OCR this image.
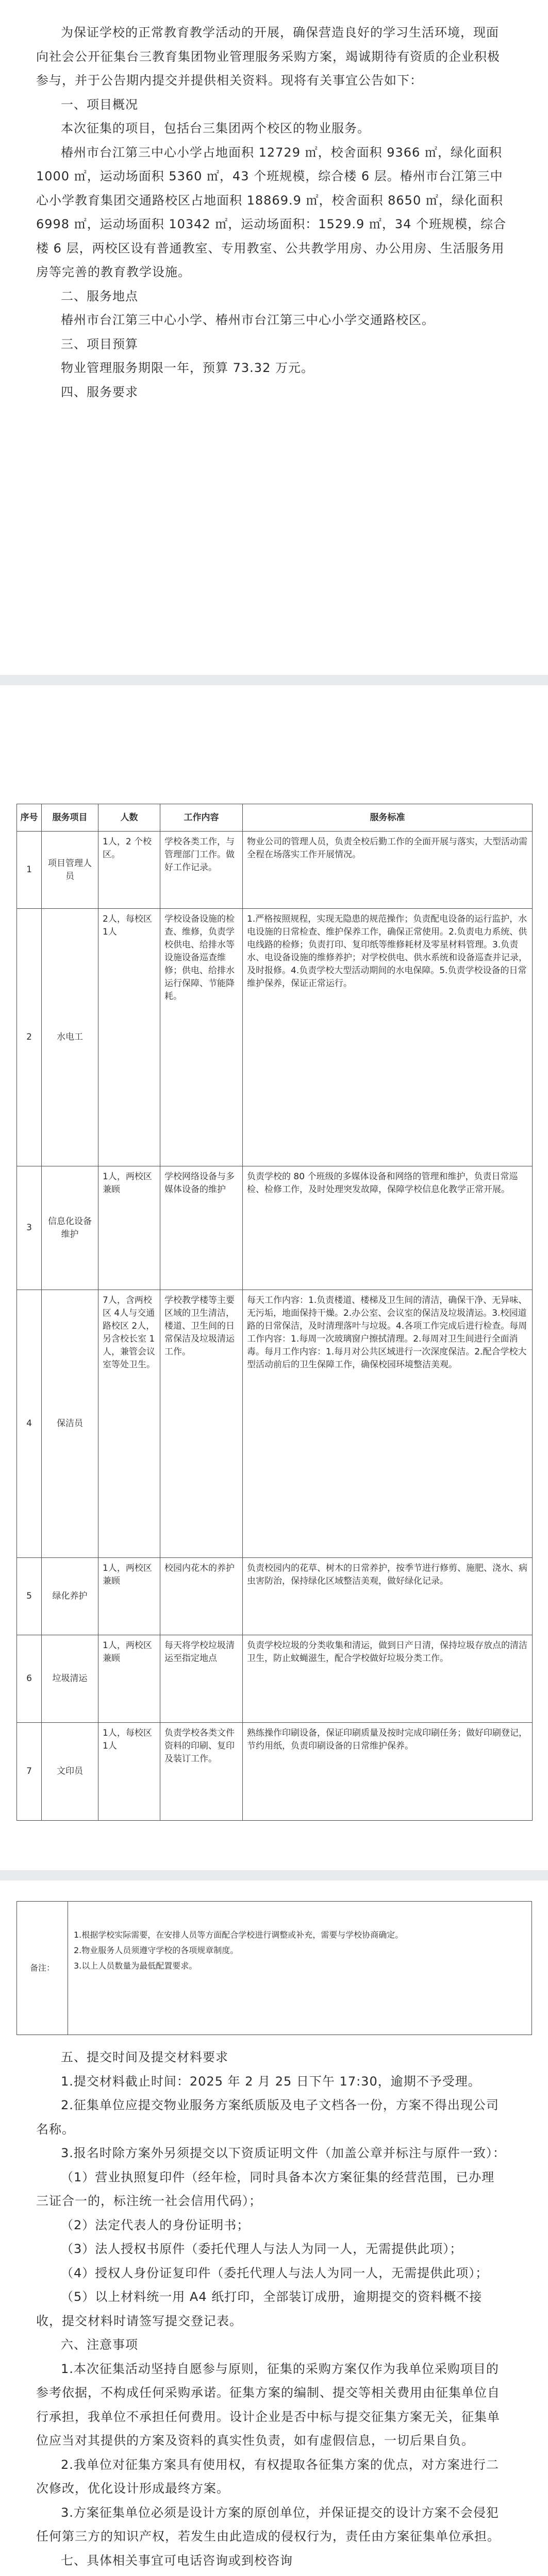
为保证学校的正常教育教学活动的开展，确保营造良好的学习生活环境，现面向社会公开征集台三教育集团物业管理服务采购方案，竭诚期待有资质的企业积极参与，并于公告期内提交并提供相关资料。现将有关事宜公告如下：

一、项目概况

本次征集的项目，包括台三集团两个校区的物业服务。

椿州市台江第三中心小学占地面积 12729 ㎡，校舍面积 9366 ㎡，绿化面积 1000 ㎡，运动场面积 5360 ㎡，43 个班规模，综合楼 6 层。椿州市台江第三中心小学教育集团交通路校区占地面积 18869.9 ㎡，校舍面积 8650 ㎡，绿化面积 6998 ㎡，运动场面积 10342 ㎡，运动场面积：1529.9 ㎡，34 个班规模，综合楼 6 层，两校区设有普通教室、专用教室、公共教学用房、办公用房、生活服务用房等完善的教育教学设施。

二、服务地点

椿州市台江第三中心小学、椿州市台江第三中心小学交通路校区。

三、项目预算

物业管理服务期限一年，预算 73.32 万元。

四、服务要求

序号	服务项目	人数	工作内容	服务标准
1	项目管理人员	1人，2 个校区。	学校各类工作，与管理部门工作。做好工作记录。	物业公司的管理人员，负责全校后勤工作的全面开展与落实，大型活动需全程在场落实工作开展情况。
2	水电工	2人，每校区 1人	学校设备设施的检查、维修，负责学校供电、给排水等设施设备巡查维修；供电、给排水运行保障、节能降耗。	1.严格按照规程，实现无隐患的规范操作；负责配电设备的运行监护，水电设施的日常检查、维护保养工作，确保正常使用。2.负责电力系统、供电线路的检修；负责打印、复印纸等维修耗材及零星材料管理。3.负责水、电设备设施的维修养护；对学校供电、供水系统和设备巡查并记录，及时报修。4.负责学校大型活动期间的水电保障。5.负责学校设备的日常维护保养，保证正常运行。
3	信息化设备维护	1人，两校区兼顾	学校网络设备与多媒体设备的维护	负责学校的 80 个班级的多媒体设备和网络的管理和维护，负责日常巡检、检修工作，及时处理突发故障，保障学校信息化教学正常开展。
4	保洁员	7人，含两校区 4人与交通路校区 2人，另含校长室 1人，兼管会议室等处卫生。	学校教学楼等主要区域的卫生清洁，楼道、卫生间的日常保洁及垃圾清运工作。	每天工作内容：1.负责楼道、楼梯及卫生间的清洁，确保干净、无异味、无污垢，地面保持干燥。2.办公室、会议室的保洁及垃圾清运。3.校园道路的日常保洁，及时清理落叶与垃圾。4.各项工作完成后进行检查。每周工作内容：1.每周一次玻璃窗户擦拭清理。2.每周对卫生间进行全面消毒。每月工作内容：1.每月对公共区域进行一次深度保洁。2.配合学校大型活动前后的卫生保障工作，确保校园环境整洁美观。
5	绿化养护	1人，两校区兼顾	校园内花木的养护	负责校园内的花草、树木的日常养护，按季节进行修剪、施肥、浇水、病虫害防治，保持绿化区域整洁美观，做好绿化记录。
6	垃圾清运	1人，两校区兼顾	每天将学校垃圾清运至指定地点	负责学校垃圾的分类收集和清运，做到日产日清，保持垃圾存放点的清洁卫生，防止蚊蝇滋生，配合学校做好垃圾分类工作。
7	文印员	1人，每校区 1人	负责学校各类文件资料的印刷、复印及装订工作。	熟练操作印刷设备，保证印刷质量及按时完成印刷任务；做好印刷登记，节约用纸，负责印刷设备的日常维护保养。
备注：

1.根据学校实际需要，在安排人员等方面配合学校进行调整或补充，需要与学校协商确定。

2.物业服务人员须遵守学校的各项规章制度。

3.以上人员数量为最低配置要求。

五、提交时间及提交材料要求

1.提交材料截止时间：2025 年 2 月 25 日下午 17:30，逾期不予受理。

2.征集单位应提交物业服务方案纸质版及电子文档各一份，方案不得出现公司名称。

3.报名时除方案外另须提交以下资质证明文件（加盖公章并标注与原件一致）：

（1）营业执照复印件（经年检，同时具备本次方案征集的经营范围，已办理三证合一的，标注统一社会信用代码）；

（2）法定代表人的身份证明书；

（3）法人授权书原件（委托代理人与法人为同一人，无需提供此项）；

（4）授权人身份证复印件（委托代理人与法人为同一人，无需提供此项）；

（5）以上材料统一用 A4 纸打印，全部装订成册，逾期提交的资料概不接收，提交材料时请签写提交登记表。

六、注意事项

1.本次征集活动坚持自愿参与原则，征集的采购方案仅作为我单位采购项目的参考依据，不构成任何采购承诺。征集方案的编制、提交等相关费用由征集单位自行承担，我单位不承担任何费用。设计企业是否中标与提交征集方案无关，征集单位应当对其提供的方案及资料的真实性负责，如有虚假信息，一切后果自负。

2.我单位对征集方案具有使用权，有权提取各征集方案的优点，对方案进行二次修改，优化设计形成最终方案。

3.方案征集单位必须是设计方案的原创单位，并保证提交的设计方案不会侵犯任何第三方的知识产权，若发生由此造成的侵权行为，责任由方案征集单位承担。

七、具体相关事宜可电话咨询或到校咨询
